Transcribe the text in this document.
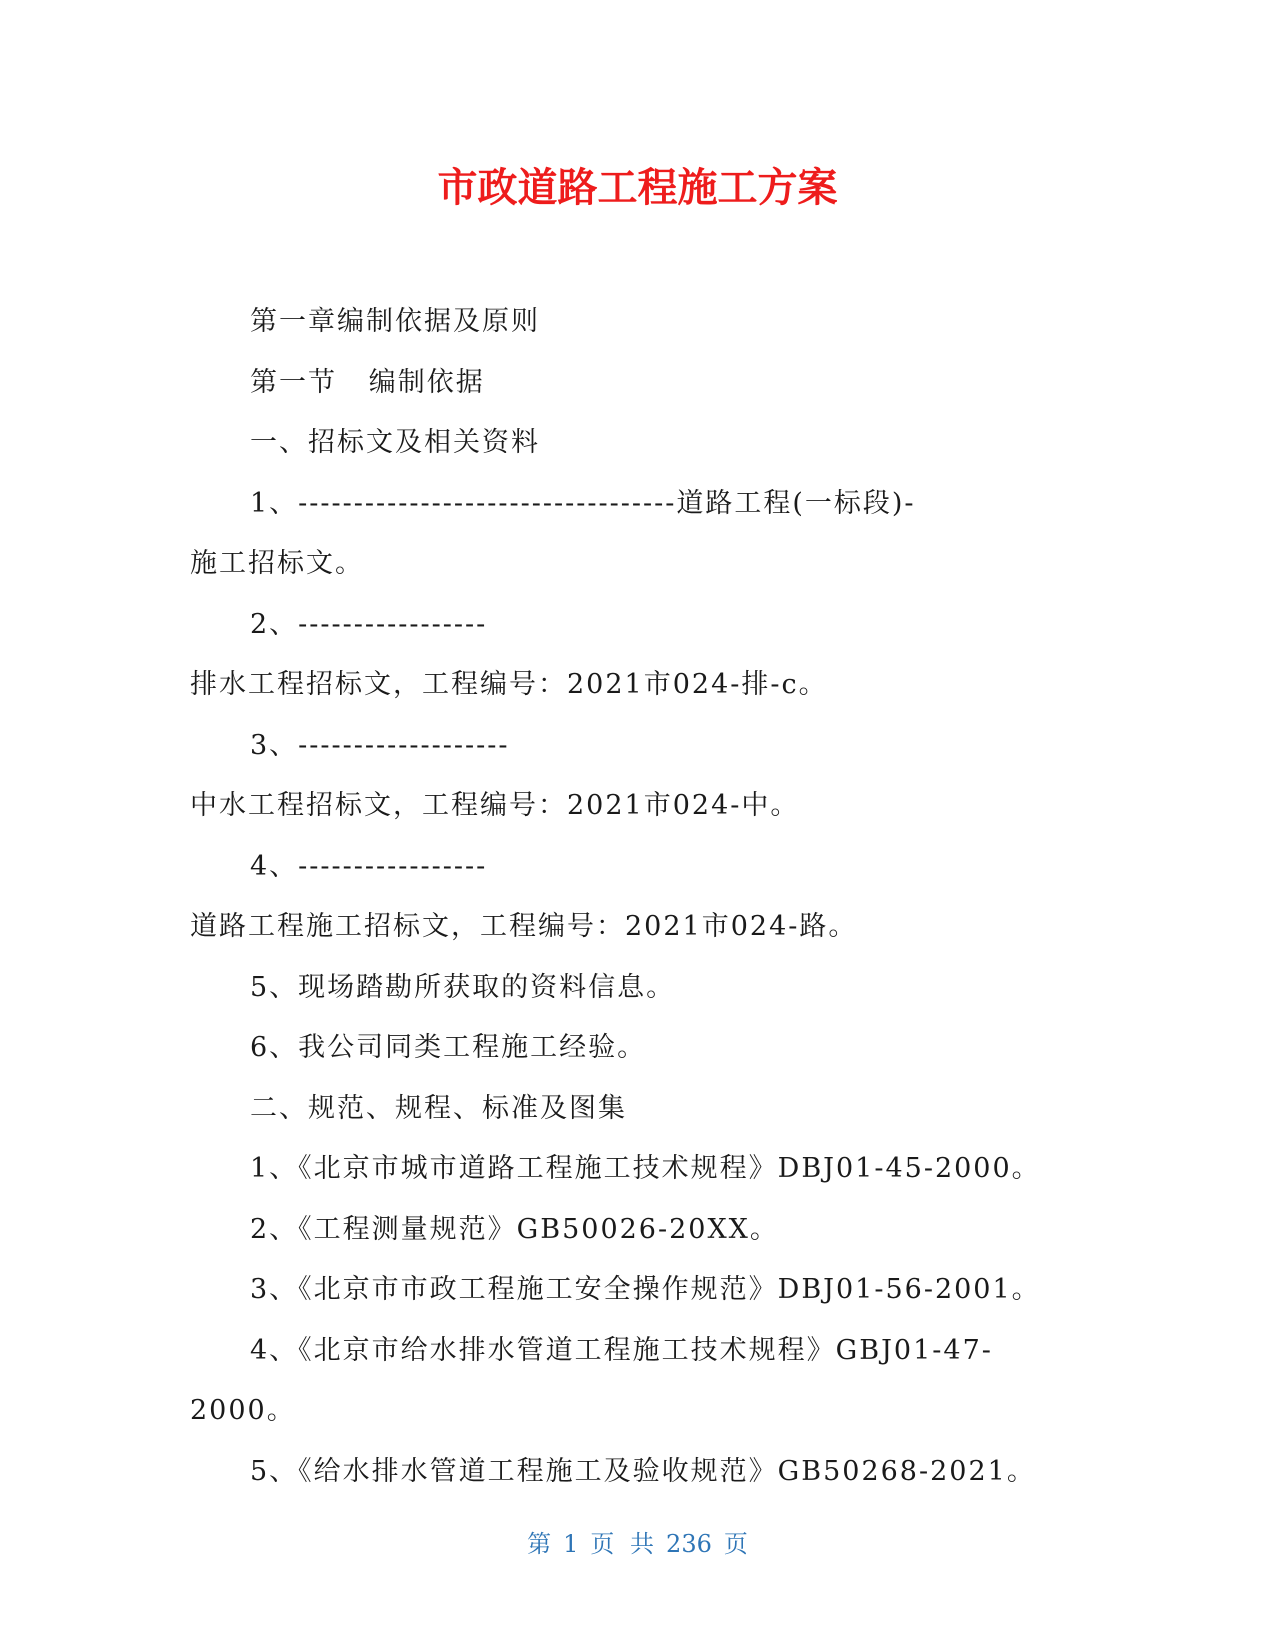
市政道路工程施工方案
第一章编制依据及原则
第一节   编制依据
一、招标文及相关资料
1、----------------------------------道路工程(一标段)-
施工招标文。
2、-----------------
排水工程招标文，工程编号：2021市024-排-c。
3、-------------------
中水工程招标文，工程编号：2021市024-中。
4、-----------------
道路工程施工招标文，工程编号：2021市024-路。
5、现场踏勘所获取的资料信息。
6、我公司同类工程施工经验。
二、规范、规程、标准及图集
1、《北京市城市道路工程施工技术规程》DBJ01-45-2000。
2、《工程测量规范》GB50026-20XX。
3、《北京市市政工程施工安全操作规范》DBJ01-56-2001。
4、《北京市给水排水管道工程施工技术规程》GBJ01-47-
2000。
5、《给水排水管道工程施工及验收规范》GB50268-2021。
第 1 页 共 236 页
